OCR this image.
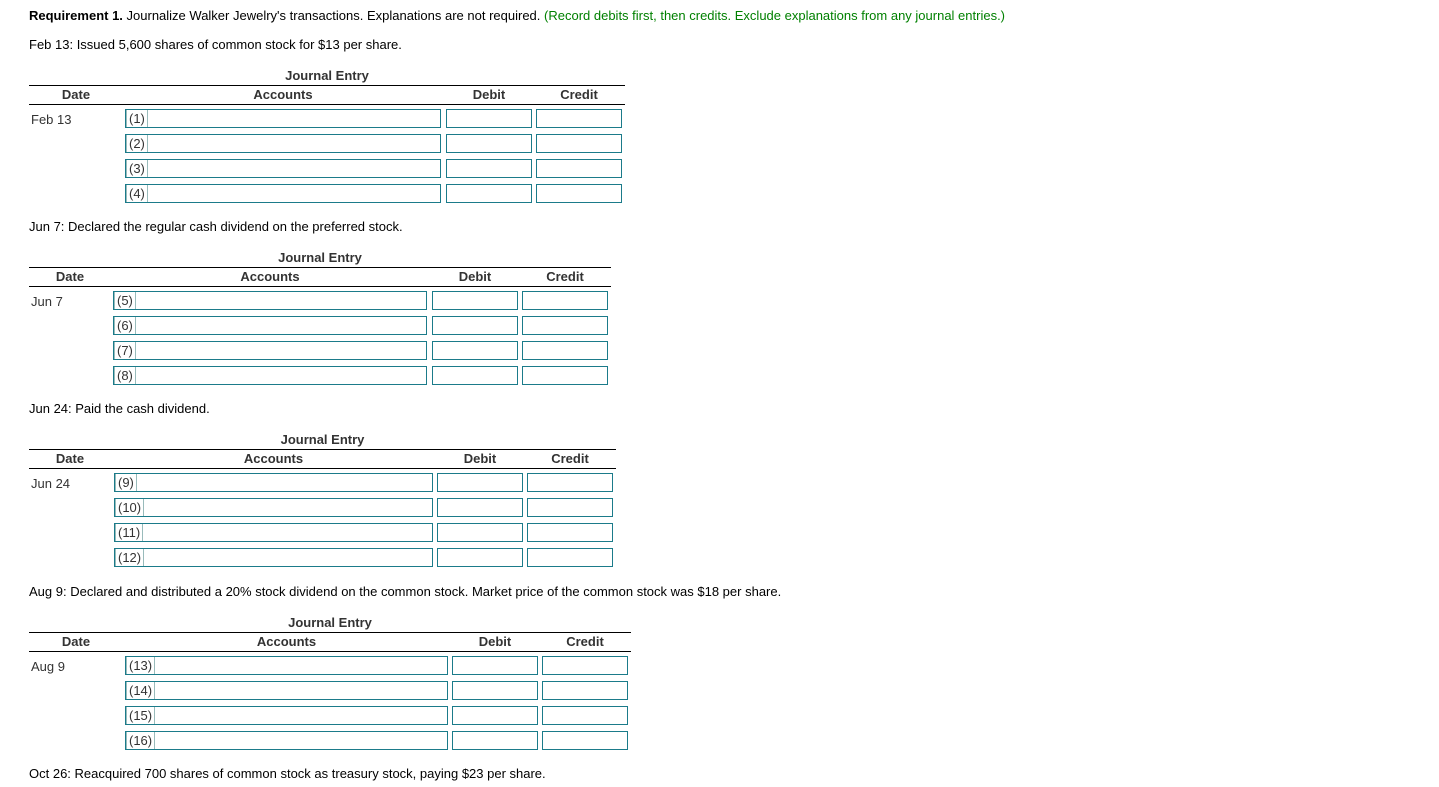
Requirement 1. Journalize Walker Jewelry's transactions. Explanations are not required. (Record debits first, then credits. Exclude explanations from any journal entries.)
Feb 13: Issued 5,600 shares of common stock for $13 per share.
Journal Entry
Date	Accounts	Debit	Credit
Feb 13	(1)
(2)
(3)
(4)
Jun 7: Declared the regular cash dividend on the preferred stock.
Journal Entry
Date	Accounts	Debit	Credit
Jun 7	(5)
(6)
(7)
(8)
Jun 24: Paid the cash dividend.
Journal Entry
Date	Accounts	Debit	Credit
Jun 24	(9)
(10)
(11)
(12)
Aug 9: Declared and distributed a 20% stock dividend on the common stock. Market price of the common stock was $18 per share.
Journal Entry
Date	Accounts	Debit	Credit
Aug 9	(13)
(14)
(15)
(16)
Oct 26: Reacquired 700 shares of common stock as treasury stock, paying $23 per share.
